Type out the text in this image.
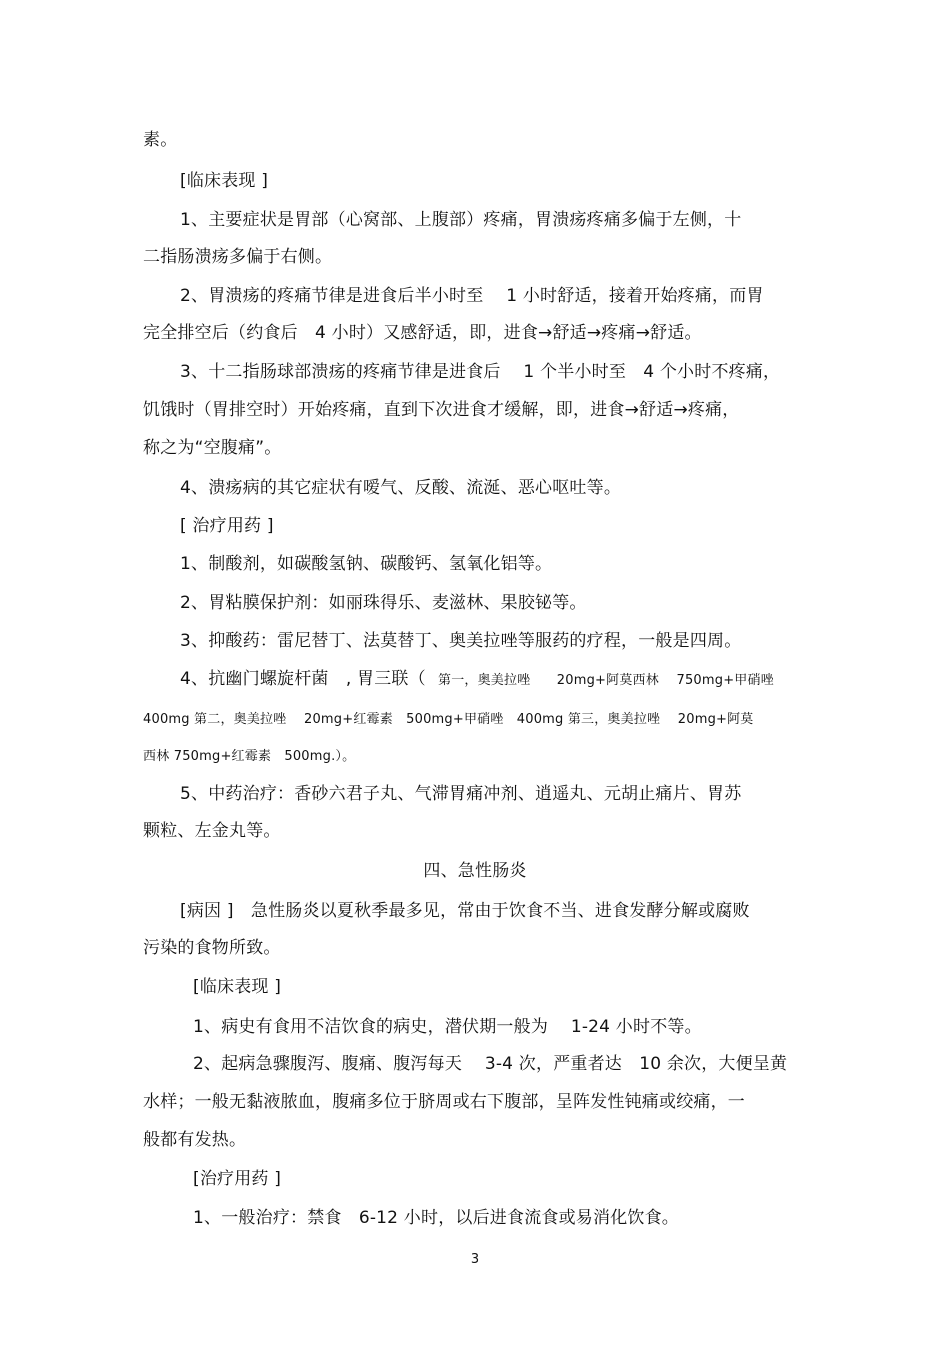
素。
[临床表现 ]
1、主要症状是胃部（心窝部、上腹部）疼痛，胃溃疡疼痛多偏于左侧，十
二指肠溃疡多偏于右侧。
2、胃溃疡的疼痛节律是进食后半小时至　 1 小时舒适，接着开始疼痛，而胃
完全排空后（约食后　4 小时）又感舒适，即，进食→舒适→疼痛→舒适。
3、十二指肠球部溃疡的疼痛节律是进食后　 1 个半小时至　4 个小时不疼痛，
饥饿时（胃排空时）开始疼痛，直到下次进食才缓解，即，进食→舒适→疼痛，
称之为“空腹痛”。
4、溃疡病的其它症状有嗳气、反酸、流涎、恶心呕吐等。
[ 治疗用药 ]
1、制酸剂，如碳酸氢钠、碳酸钙、氢氧化铝等。
2、胃粘膜保护剂：如丽珠得乐、麦滋林、果胶铋等。
3、抑酸药：雷尼替丁、法莫替丁、奥美拉唑等服药的疗程，一般是四周。
4、抗幽门螺旋杆菌　, 胃三联（ 第一，奥美拉唑　　20mg+阿莫西林　 750mg+甲硝唑
400mg 第二，奥美拉唑　 20mg+红霉素　500mg+甲硝唑　400mg 第三，奥美拉唑　 20mg+阿莫
西林 750mg+红霉素　500mg.）。
5、中药治疗：香砂六君子丸、气滞胃痛冲剂、逍遥丸、元胡止痛片、胃苏
颗粒、左金丸等。
四、急性肠炎
[病因 ]　急性肠炎以夏秋季最多见，常由于饮食不当、进食发酵分解或腐败
污染的食物所致。
[临床表现 ]
1、病史有食用不洁饮食的病史，潜伏期一般为　 1-24 小时不等。
2、起病急骤腹泻、腹痛、腹泻每天　 3-4 次，严重者达　10 余次，大便呈黄
水样；一般无黏液脓血，腹痛多位于脐周或右下腹部，呈阵发性钝痛或绞痛，一
般都有发热。
[治疗用药 ]
1、一般治疗：禁食　6-12 小时，以后进食流食或易消化饮食。
3
